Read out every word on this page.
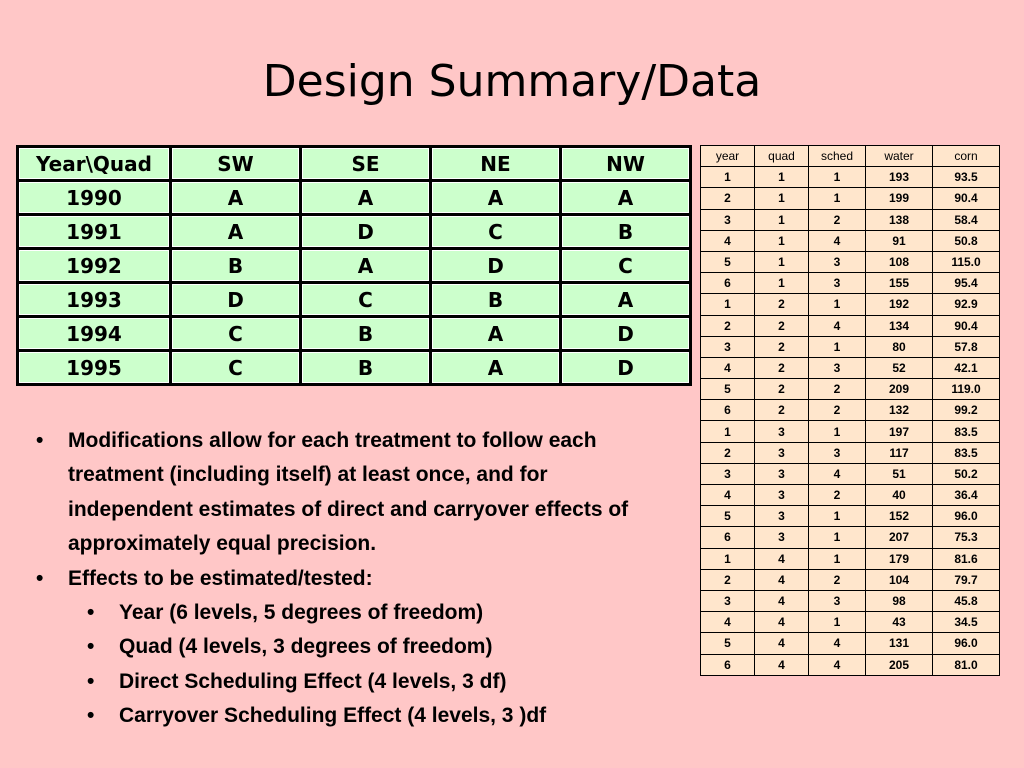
Design Summary/Data
Year\Quad	SW	SE	NE	NW
1990	A	A	A	A
1991	A	D	C	B
1992	B	A	D	C
1993	D	C	B	A
1994	C	B	A	D
1995	C	B	A	D
year	quad	sched	water	corn
1	1	1	193	93.5
2	1	1	199	90.4
3	1	2	138	58.4
4	1	4	91	50.8
5	1	3	108	115.0
6	1	3	155	95.4
1	2	1	192	92.9
2	2	4	134	90.4
3	2	1	80	57.8
4	2	3	52	42.1
5	2	2	209	119.0
6	2	2	132	99.2
1	3	1	197	83.5
2	3	3	117	83.5
3	3	4	51	50.2
4	3	2	40	36.4
5	3	1	152	96.0
6	3	1	207	75.3
1	4	1	179	81.6
2	4	2	104	79.7
3	4	3	98	45.8
4	4	1	43	34.5
5	4	4	131	96.0
6	4	4	205	81.0
• Modifications allow for each treatment to follow each treatment (including itself) at least once, and for independent estimates of direct and carryover effects of approximately equal precision.
• Effects to be estimated/tested:
• Year (6 levels, 5 degrees of freedom)
• Quad (4 levels, 3 degrees of freedom)
• Direct Scheduling Effect (4 levels, 3 df)
• Carryover Scheduling Effect (4 levels, 3 )df
